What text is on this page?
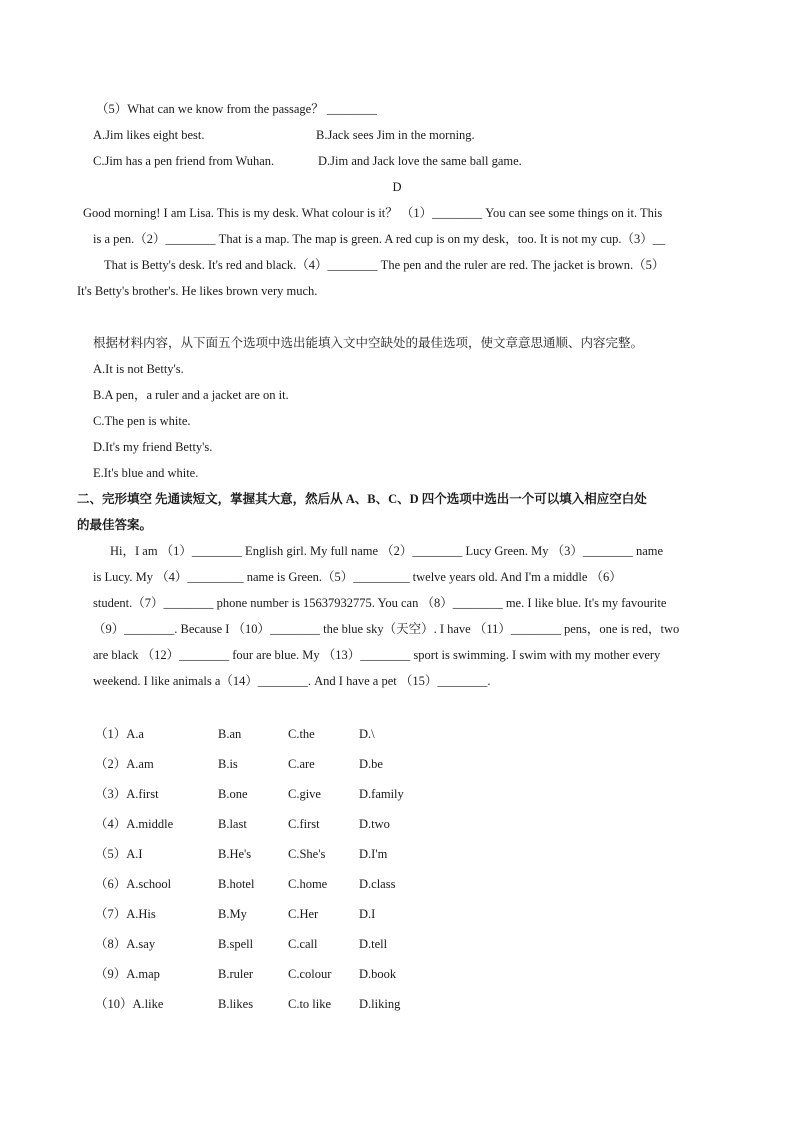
（5）What can we know from the passage？ ________
A.Jim likes eight best.	B.Jack sees Jim in the morning.
C.Jim has a pen friend from Wuhan.	D.Jim and Jack love the same ball game.
D
Good morning! I am Lisa. This is my desk. What colour is it？ （1）________ You can see some things on it. This
is a pen.（2）________ That is a map. The map is green. A red cup is on my desk，too. It is not my cup.（3）__
That is Betty's desk. It's red and black.（4）________ The pen and the ruler are red. The jacket is brown.（5）
It's Betty's brother's. He likes brown very much.
根据材料内容，从下面五个选项中选出能填入文中空缺处的最佳选项，使文章意思通顺、内容完整。
A.It is not Betty's.
B.A pen，a ruler and a jacket are on it.
C.The pen is white.
D.It's my friend Betty's.
E.It's blue and white.
二、完形填空 先通读短文，掌握其大意，然后从 A、B、C、D 四个选项中选出一个可以填入相应空白处
的最佳答案。
Hi，I am （1）________ English girl. My full name （2）________ Lucy Green. My （3）________ name
is Lucy. My （4）_________ name is Green.（5）_________ twelve years old. And I'm a middle （6）
student.（7）________ phone number is 15637932775. You can （8）________ me. I like blue. It's my favourite
（9）________. Because I （10）________ the blue sky（天空）. I have （11）________ pens，one is red，two
are black （12）________ four are blue. My （13）________ sport is swimming. I swim with my mother every
weekend. I like animals a（14）________. And I have a pet （15）________.
（1）A.a	B.an	C.the	D.\
（2）A.am	B.is	C.are	D.be
（3）A.first	B.one	C.give	D.family
（4）A.middle	B.last	C.first	D.two
（5）A.I	B.He's	C.She's	D.I'm
（6）A.school	B.hotel	C.home	D.class
（7）A.His	B.My	C.Her	D.I
（8）A.say	B.spell	C.call	D.tell
（9）A.map	B.ruler	C.colour D.book
（10）A.like	B.likes	C.to like D.liking
